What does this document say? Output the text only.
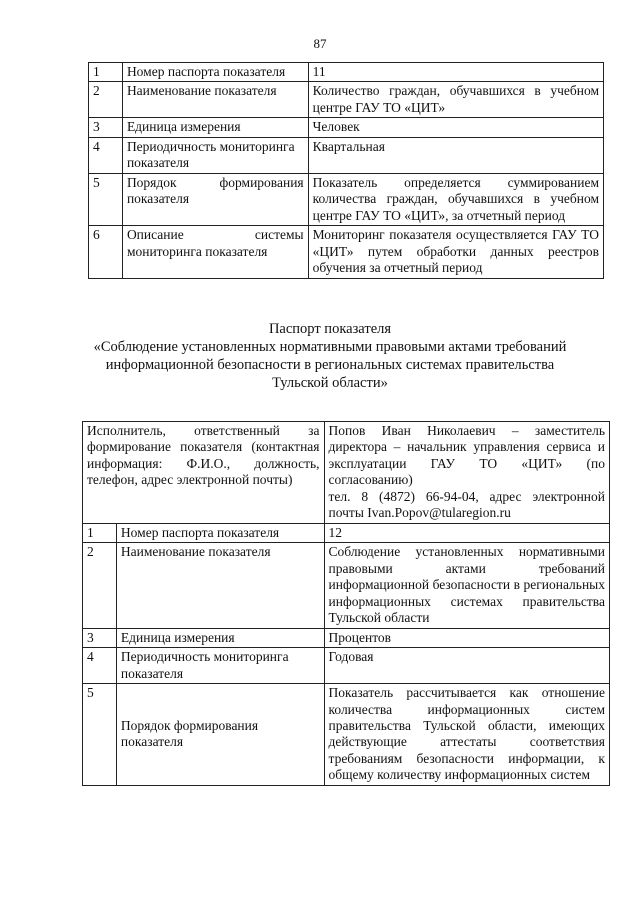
87
1	Номер паспорта показателя	11
2	Наименование показателя	Количество граждан, обучавшихся в учебном центре ГАУ ТО «ЦИТ»
3	Единица измерения	Человек
4	Периодичность мониторинга показателя	Квартальная
5	Порядок формирования показателя	Показатель определяется суммированием количества граждан, обучавшихся в учебном центре ГАУ ТО «ЦИТ», за отчетный период
6	Описание системы мониторинга показателя	Мониторинг показателя осуществляется ГАУ ТО «ЦИТ» путем обработки данных реестров обучения за отчетный период
Паспорт показателя
«Соблюдение установленных нормативными правовыми актами требований
информационной безопасности в региональных системах правительства
Тульской области»
Исполнитель, ответственный за формирование показателя (контактная информация: Ф.И.О., должность, телефон, адрес электронной почты)		Попов Иван Николаевич – заместитель директора – начальник управления сервиса и эксплуатации ГАУ ТО «ЦИТ» (по согласованию)
тел. 8 (4872) 66-94-04, адрес электронной почты Ivan.Popov@tularegion.ru

1	Номер паспорта показателя	12
2	Наименование показателя	Соблюдение установленных нормативными правовыми актами требований информационной безопасности в региональных информационных системах правительства Тульской области
3	Единица измерения	Процентов
4	Периодичность мониторинга показателя	Годовая
5	Порядок формирования показателя	Показатель рассчитывается как отношение количества информационных систем правительства Тульской области, имеющих действующие аттестаты соответствия требованиям безопасности информации, к общему количеству информационных систем
